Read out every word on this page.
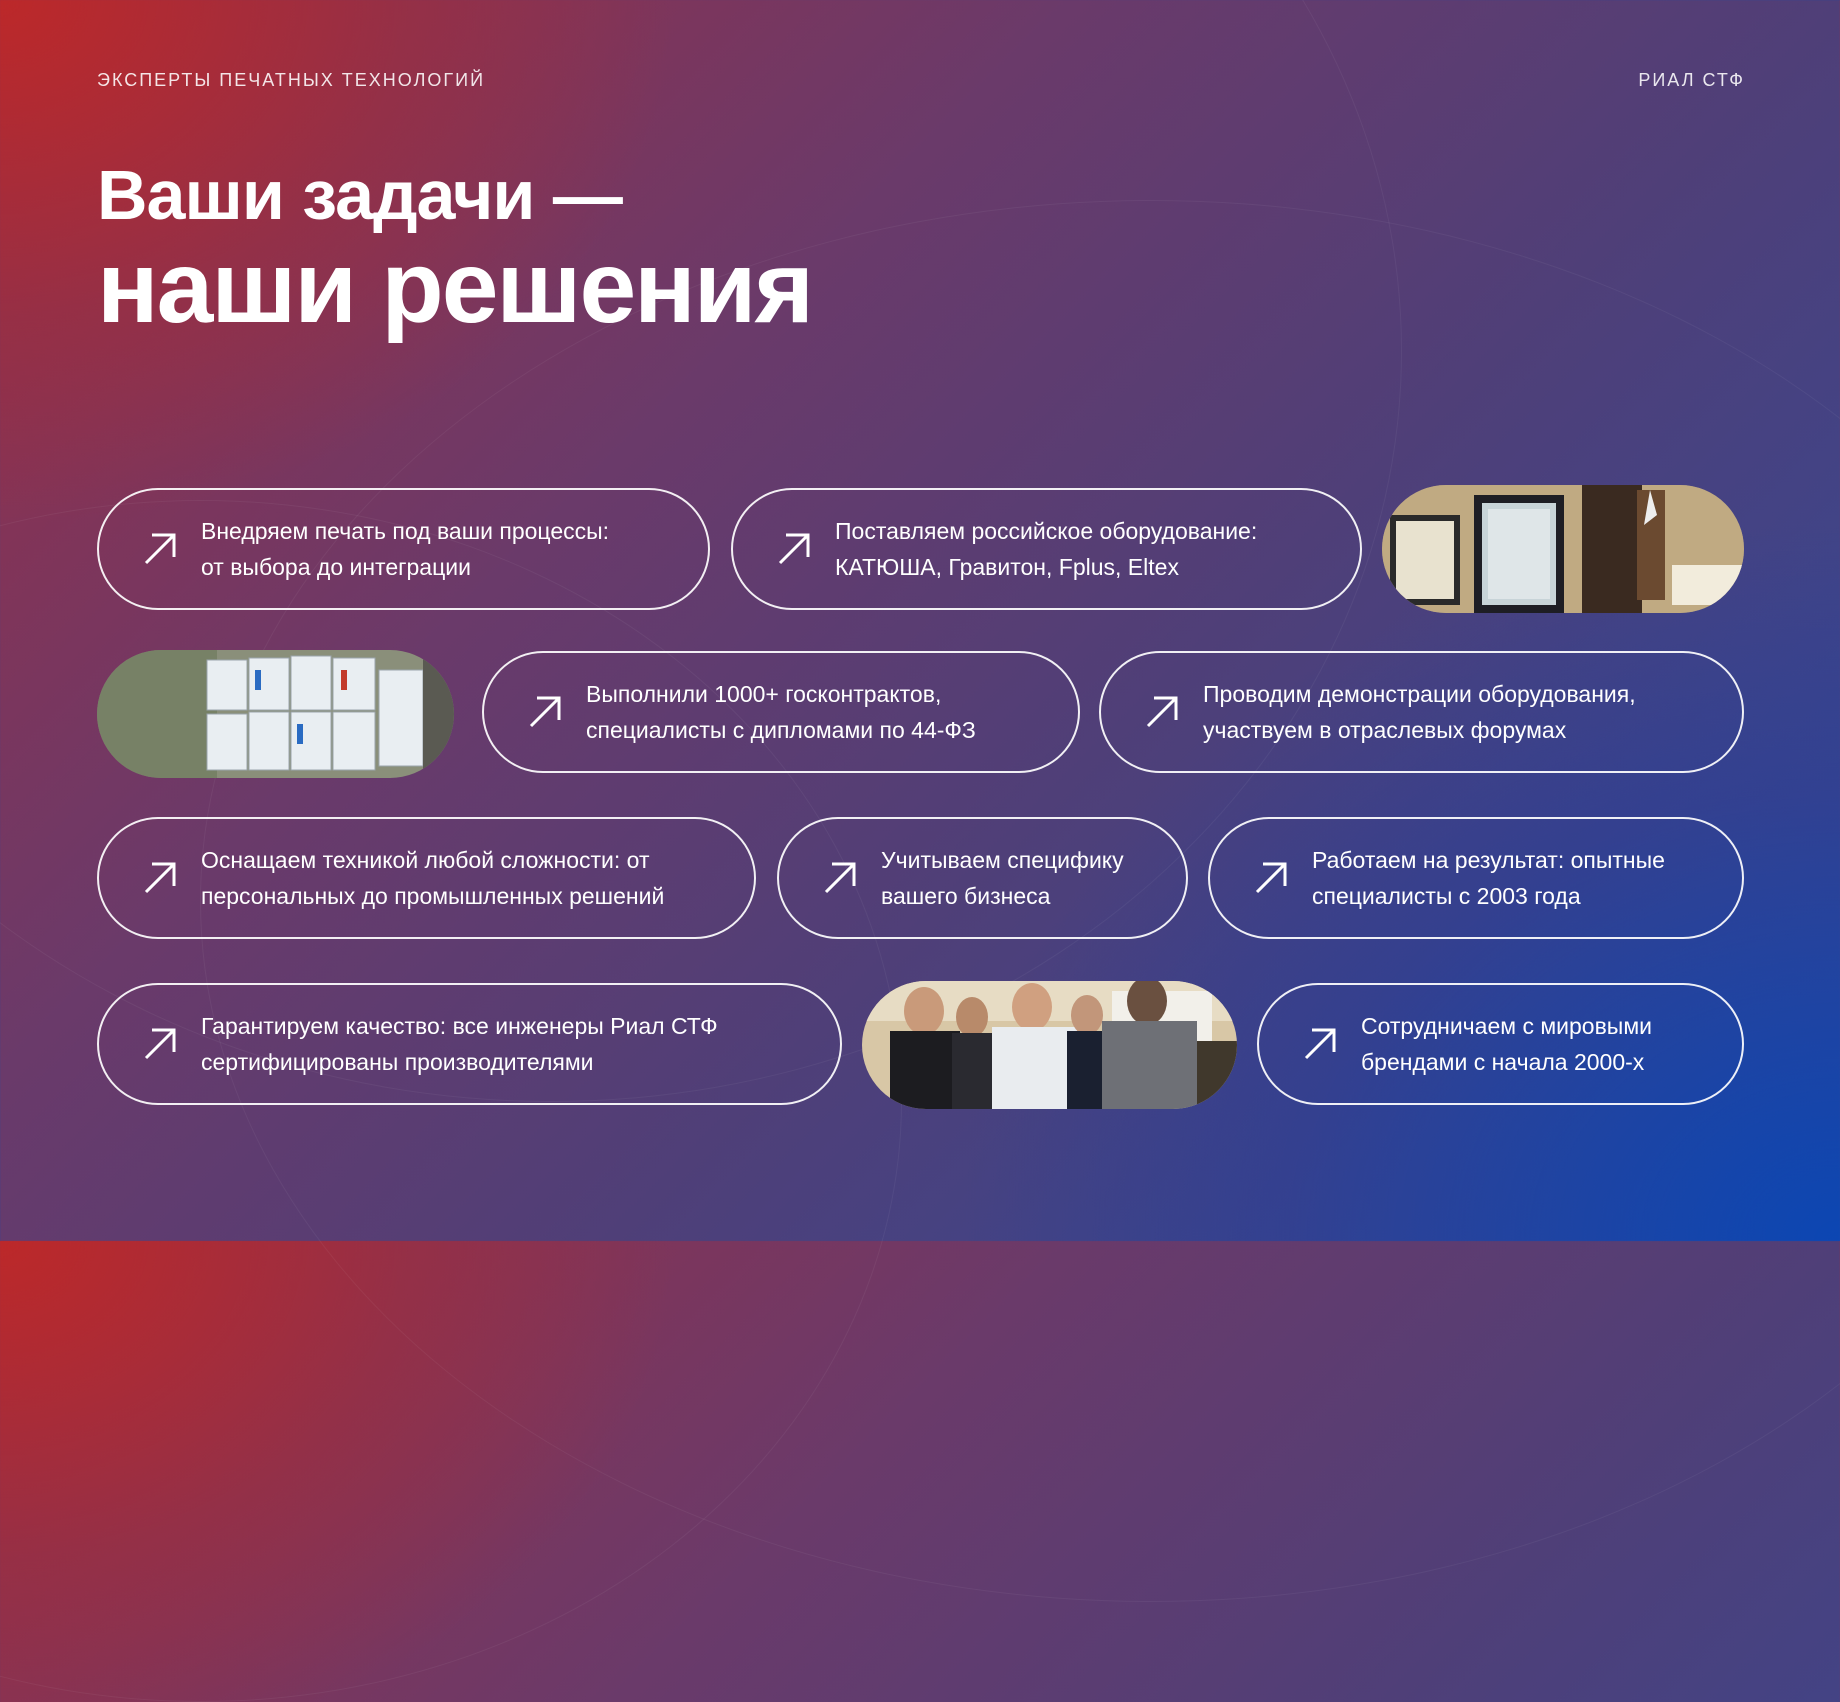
ЭКСПЕРТЫ ПЕЧАТНЫХ ТЕХНОЛОГИЙ	РИАЛ СТФ
Ваши задачи —
наши решения
Внедряем печать под ваши процессы:
от выбора до интеграции
Поставляем российское оборудование:
КАТЮША, Гравитон, Fplus, Eltex
Выполнили 1000+ госконтрактов,
специалисты с дипломами по 44-ФЗ
Проводим демонстрации оборудования,
участвуем в отраслевых форумах
Оснащаем техникой любой сложности: от
персональных до промышленных решений
Учитываем специфику
вашего бизнеса
Работаем на результат: опытные
специалисты с 2003 года
Гарантируем качество: все инженеры Риал СТФ
сертифицированы производителями
Сотрудничаем с мировыми
брендами с начала 2000-х
